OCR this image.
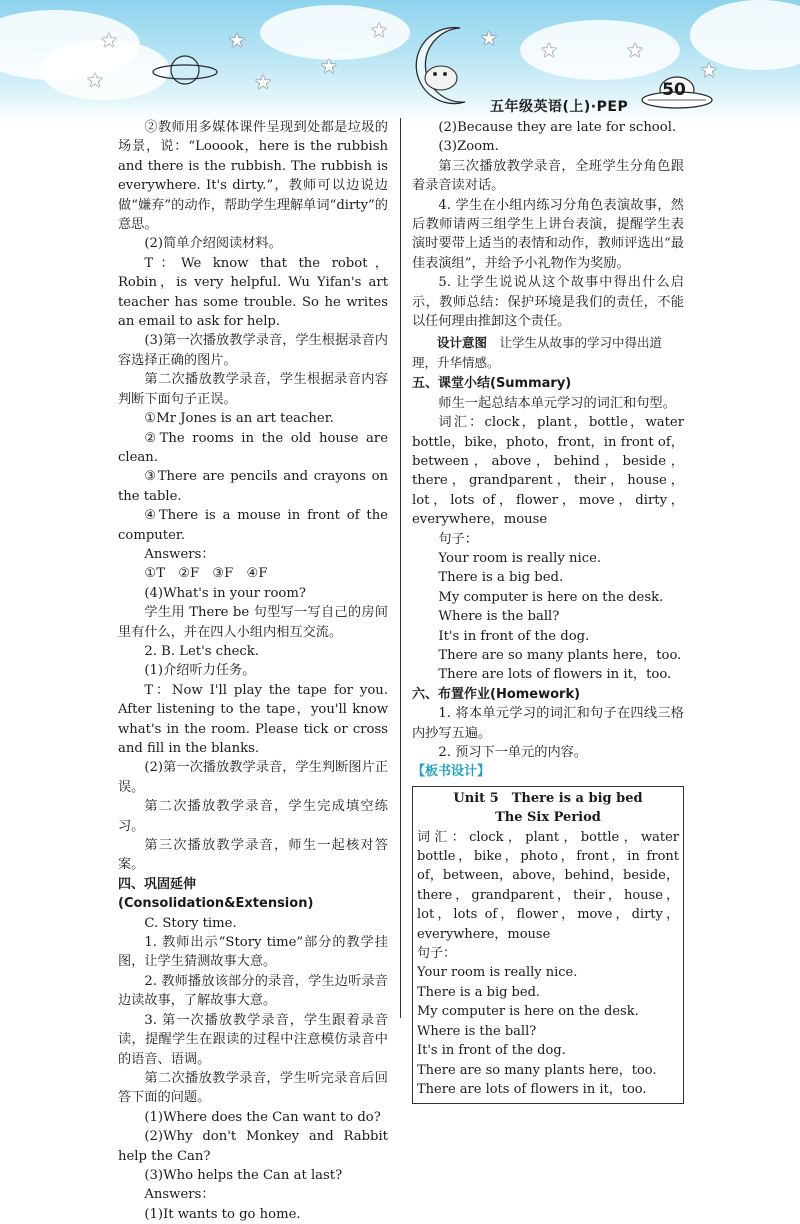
★
★
★
★
★
★	★ ★	★
★
50
五年级英语(上)·PEP

②教师用多媒体课件呈现到处都是垃圾的场景，说：“Looook，here is the rubbish and there is the rubbish. The rubbish is everywhere. It's dirty.”，教师可以边说边做“嫌弃”的动作，帮助学生理解单词“dirty”的意思。

(2)简单介绍阅读材料。

T：We know that the robot，Robin，is very helpful. Wu Yifan's art teacher has some trouble. So he writes an email to ask for help.

(3)第一次播放教学录音，学生根据录音内容选择正确的图片。

第二次播放教学录音，学生根据录音内容判断下面句子正误。

①Mr Jones is an art teacher.

②The rooms in the old house are clean.

③There are pencils and crayons on the table.

④There is a mouse in front of the computer.

Answers：

①T　②F　③F　④F

(4)What's in your room?

学生用 There be 句型写一写自己的房间里有什么，并在四人小组内相互交流。

2. B. Let's check.

(1)介绍听力任务。

T：Now I'll play the tape for you. After listening to the tape，you'll know what's in the room. Please tick or cross and fill in the blanks.

(2)第一次播放教学录音，学生判断图片正误。

第二次播放教学录音，学生完成填空练习。

第三次播放教学录音，师生一起核对答案。

四、巩固延伸(Consolidation&Extension)

C. Story time.

1. 教师出示“Story time”部分的教学挂图，让学生猜测故事大意。

2. 教师播放该部分的录音，学生边听录音边读故事，了解故事大意。

3. 第一次播放教学录音，学生跟着录音读，提醒学生在跟读的过程中注意模仿录音中的语音、语调。

第二次播放教学录音，学生听完录音后回答下面的问题。

(1)Where does the Can want to do?

(2)Why don't Monkey and Rabbit help the Can?

(3)Who helps the Can at last?

Answers：

(1)It wants to go home.

(2)Because they are late for school.

(3)Zoom.

第三次播放教学录音，全班学生分角色跟着录音读对话。

4. 学生在小组内练习分角色表演故事，然后教师请两三组学生上讲台表演，提醒学生表演时要带上适当的表情和动作，教师评选出“最佳表演组”，并给予小礼物作为奖励。

5. 让学生说说从这个故事中得出什么启示，教师总结：保护环境是我们的责任，不能以任何理由推卸这个责任。

设计意图　 让学生从故事的学习中得出道理，升华情感。

五、课堂小结(Summary)

师生一起总结本单元学习的词汇和句型。

词汇：clock，plant，bottle，water bottle，bike，photo，front，in front of，between，above，behind，beside，there，grandparent，their，house，lot，lots of，flower，move，dirty，everywhere，mouse

句子：

Your room is really nice.

There is a big bed.

My computer is here on the desk.

Where is the ball?

It's in front of the dog.

There are so many plants here，too.

There are lots of flowers in it，too.

六、布置作业(Homework)

1. 将本单元学习的词汇和句子在四线三格内抄写五遍。

2. 预习下一单元的内容。

【板书设计】

Unit 5　There is a big bed

The Six Period

词汇：clock，plant，bottle，water bottle，bike，photo，front，in front of，between，above，behind，beside，there，grandparent，their，house，lot，lots of，flower，move，dirty，everywhere，mouse

句子：

Your room is really nice.

There is a big bed.

My computer is here on the desk.

Where is the ball?

It's in front of the dog.

There are so many plants here，too.

There are lots of flowers in it，too.
